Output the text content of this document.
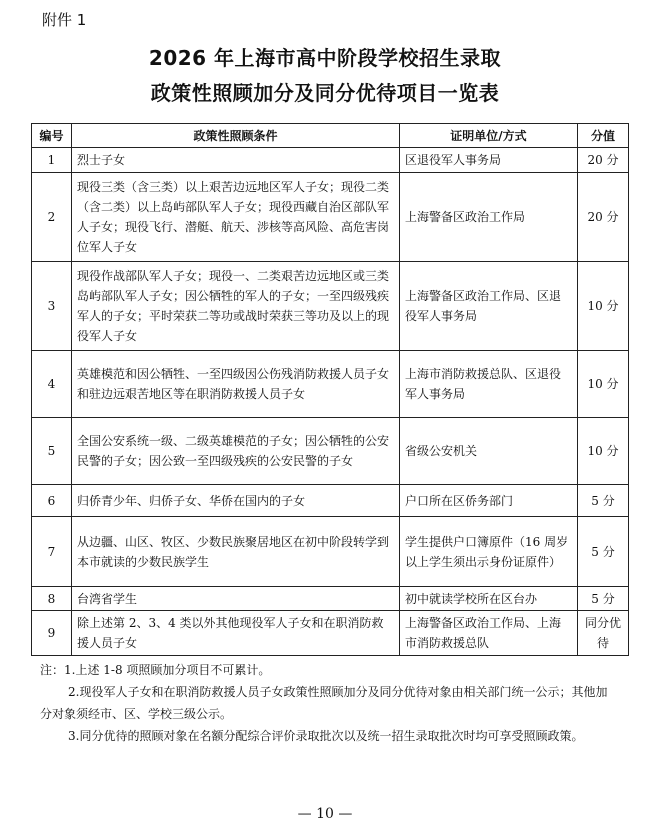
附件 1
2026 年上海市高中阶段学校招生录取
政策性照顾加分及同分优待项目一览表
编号	政策性照顾条件	证明单位/方式	分值
1	烈士子女	区退役军人事务局	20 分
2	现役三类（含三类）以上艰苦边远地区军人子女；现役二类（含二类）以上岛屿部队军人子女；现役西藏自治区部队军人子女；现役飞行、潜艇、航天、涉核等高风险、高危害岗位军人子女	上海警备区政治工作局	20 分
3	现役作战部队军人子女；现役一、二类艰苦边远地区或三类岛屿部队军人子女；因公牺牲的军人的子女；一至四级残疾军人的子女；平时荣获二等功或战时荣获三等功及以上的现役军人子女	上海警备区政治工作局、区退役军人事务局	10 分
4	英雄模范和因公牺牲、一至四级因公伤残消防救援人员子女和驻边远艰苦地区等在职消防救援人员子女	上海市消防救援总队、区退役军人事务局	10 分
5	全国公安系统一级、二级英雄模范的子女；因公牺牲的公安民警的子女；因公致一至四级残疾的公安民警的子女	省级公安机关	10 分
6	归侨青少年、归侨子女、华侨在国内的子女	户口所在区侨务部门	5 分
7	从边疆、山区、牧区、少数民族聚居地区在初中阶段转学到本市就读的少数民族学生	学生提供户口簿原件（16 周岁以上学生须出示身份证原件）	5 分
8	台湾省学生	初中就读学校所在区台办	5 分
9	除上述第 2、3、4 类以外其他现役军人子女和在职消防救援人员子女	上海警备区政治工作局、上海市消防救援总队	同分优待

注：1.上述 1-8 项照顾加分项目不可累计。

2.现役军人子女和在职消防救援人员子女政策性照顾加分及同分优待对象由相关部门统一公示；其他加分对象须经市、区、学校三级公示。

3.同分优待的照顾对象在名额分配综合评价录取批次以及统一招生录取批次时均可享受照顾政策。

— 10 —
